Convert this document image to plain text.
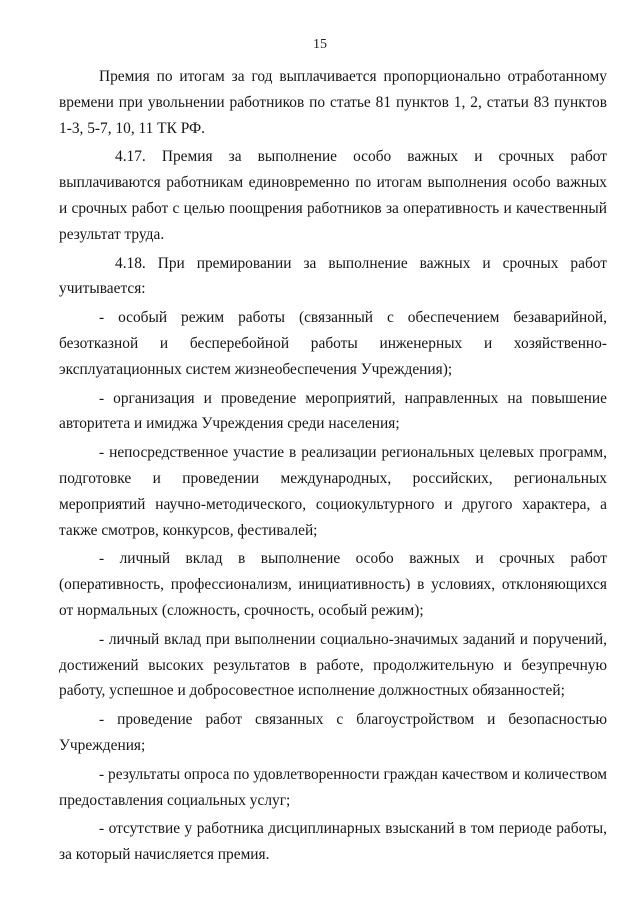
15

Премия по итогам за год выплачивается пропорционально отработанному времени при увольнении работников по статье 81 пунктов 1, 2, статьи 83 пунктов 1-3, 5-7, 10, 11 ТК РФ.

4.17. Премия за выполнение особо важных и срочных работ выплачиваются работникам единовременно по итогам выполнения особо важных и срочных работ с целью поощрения работников за оперативность и качественный результат труда.

4.18. При премировании за выполнение важных и срочных работ учитывается:

- особый режим работы (связанный с обеспечением безаварийной, безотказной и бесперебойной работы инженерных и хозяйственно-эксплуатационных систем жизнеобеспечения Учреждения);

- организация и проведение мероприятий, направленных на повышение авторитета и имиджа Учреждения среди населения;

- непосредственное участие в реализации региональных целевых программ, подготовке и проведении международных, российских, региональных мероприятий научно-методического, социокультурного и другого характера, а также смотров, конкурсов, фестивалей;

- личный вклад в выполнение особо важных и срочных работ (оперативность, профессионализм, инициативность) в условиях, отклоняющихся от нормальных (сложность, срочность, особый режим);

- личный вклад при выполнении социально-значимых заданий и поручений, достижений высоких результатов в работе, продолжительную и безупречную работу, успешное и добросовестное исполнение должностных обязанностей;

- проведение работ связанных с благоустройством и безопасностью Учреждения;

- результаты опроса по удовлетворенности граждан качеством и количеством предоставления социальных услуг;

- отсутствие у работника дисциплинарных взысканий в том периоде работы, за который начисляется премия.
